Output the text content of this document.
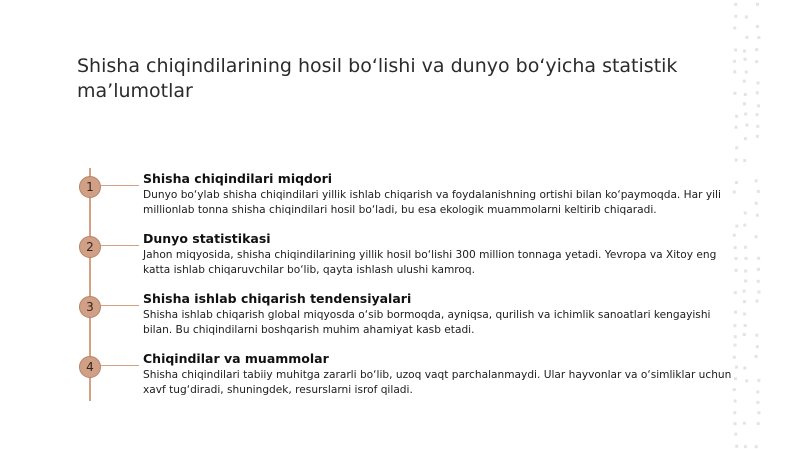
Shisha chiqindilarining hosil bo‘lishi va dunyo bo‘yicha statistik ma’lumotlar
1
Shisha chiqindilari miqdori
Dunyo bo‘ylab shisha chiqindilari yillik ishlab chiqarish va foydalanishning ortishi bilan ko‘paymoqda. Har yili millionlab tonna shisha chiqindilari hosil bo‘ladi, bu esa ekologik muammolarni keltirib chiqaradi.
2
Dunyo statistikasi
Jahon miqyosida, shisha chiqindilarining yillik hosil bo‘lishi 300 million tonnaga yetadi. Yevropa va Xitoy eng katta ishlab chiqaruvchilar bo‘lib, qayta ishlash ulushi kamroq.
3
Shisha ishlab chiqarish tendensiyalari
Shisha ishlab chiqarish global miqyosda o‘sib bormoqda, ayniqsa, qurilish va ichimlik sanoatlari kengayishi bilan. Bu chiqindilarni boshqarish muhim ahamiyat kasb etadi.
4
Chiqindilar va muammolar
Shisha chiqindilari tabiiy muhitga zararli bo‘lib, uzoq vaqt parchalanmaydi. Ular hayvonlar va o‘simliklar uchun xavf tug‘diradi, shuningdek, resurslarni isrof qiladi.
